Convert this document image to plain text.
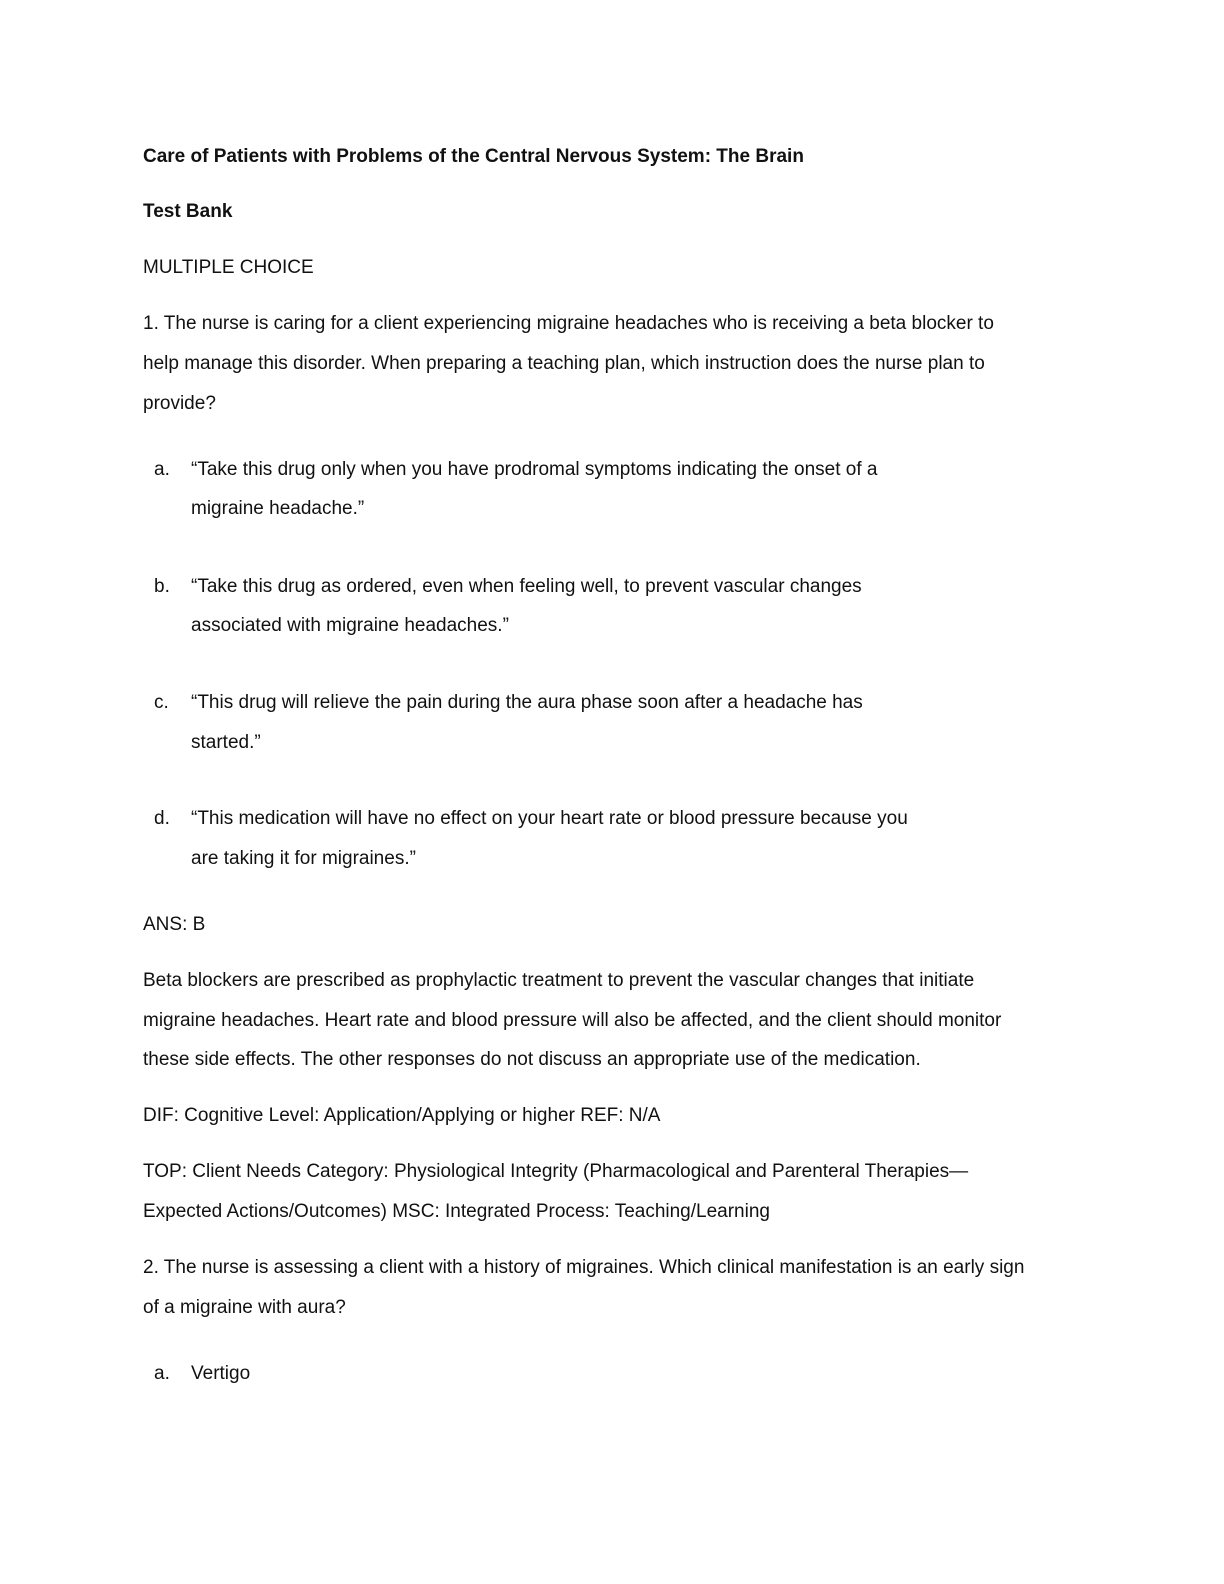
Care of Patients with Problems of the Central Nervous System: The Brain
Test Bank
MULTIPLE CHOICE
1. The nurse is caring for a client experiencing migraine headaches who is receiving a beta blocker to
help manage this disorder. When preparing a teaching plan, which instruction does the nurse plan to
provide?
a. “Take this drug only when you have prodromal symptoms indicating the onset of a
migraine headache.”
b. “Take this drug as ordered, even when feeling well, to prevent vascular changes
associated with migraine headaches.”
c. “This drug will relieve the pain during the aura phase soon after a headache has
started.”
d. “This medication will have no effect on your heart rate or blood pressure because you
are taking it for migraines.”
ANS: B
Beta blockers are prescribed as prophylactic treatment to prevent the vascular changes that initiate
migraine headaches. Heart rate and blood pressure will also be affected, and the client should monitor
these side effects. The other responses do not discuss an appropriate use of the medication.
DIF: Cognitive Level: Application/Applying or higher REF: N/A
TOP: Client Needs Category: Physiological Integrity (Pharmacological and Parenteral Therapies—
Expected Actions/Outcomes) MSC: Integrated Process: Teaching/Learning
2. The nurse is assessing a client with a history of migraines. Which clinical manifestation is an early sign
of a migraine with aura?
a. Vertigo
